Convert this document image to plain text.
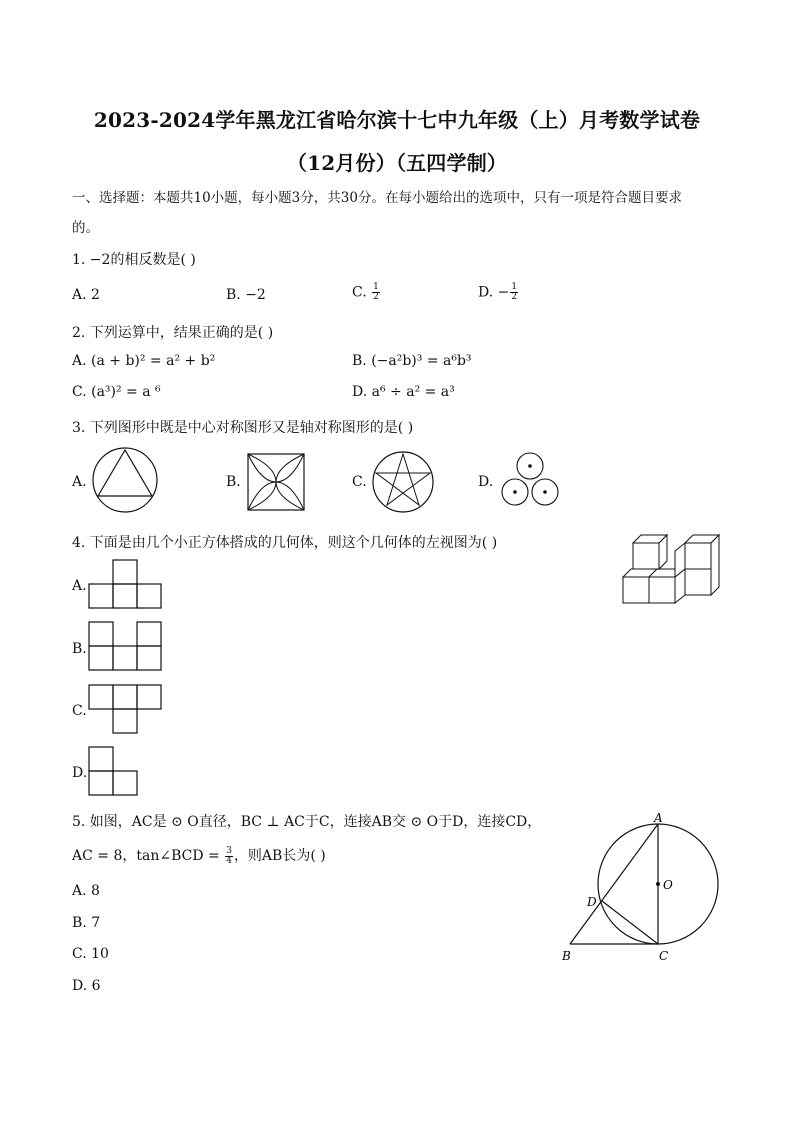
2023-2024学年黑龙江省哈尔滨十七中九年级（上）月考数学试卷
（12月份）（五四学制）
一、选择题：本题共10小题，每小题3分，共30分。在每小题给出的选项中，只有一项是符合题目要求
的。
1. −2的相反数是( )
A. 2	B. −2	C. $\frac{1}{2}$	D. − $\frac{1}{2}$
2. 下列运算中，结果正确的是( )
A. (a + b)² = a² + b²	B. (−a²b)³ = a⁶b³
C. (a³)² = a ⁶	D. a⁶ ÷ a² = a³
3. 下列图形中既是中心对称图形又是轴对称图形的是( )
A.	B.	C.	D.
4. 下面是由几个小正方体搭成的几何体，则这个几何体的左视图为( )
A.
B.
C.
D.
5. 如图，AC是 ⊙ O直径，BC ⊥ AC于C，连接AB交 ⊙ O于D，连接CD，
AC = 8，tan∠BCD = $\frac{3}{4}$ ，则AB长为( )
A. 8
B. 7
C. 10
D. 6
A
O
D
B	C
